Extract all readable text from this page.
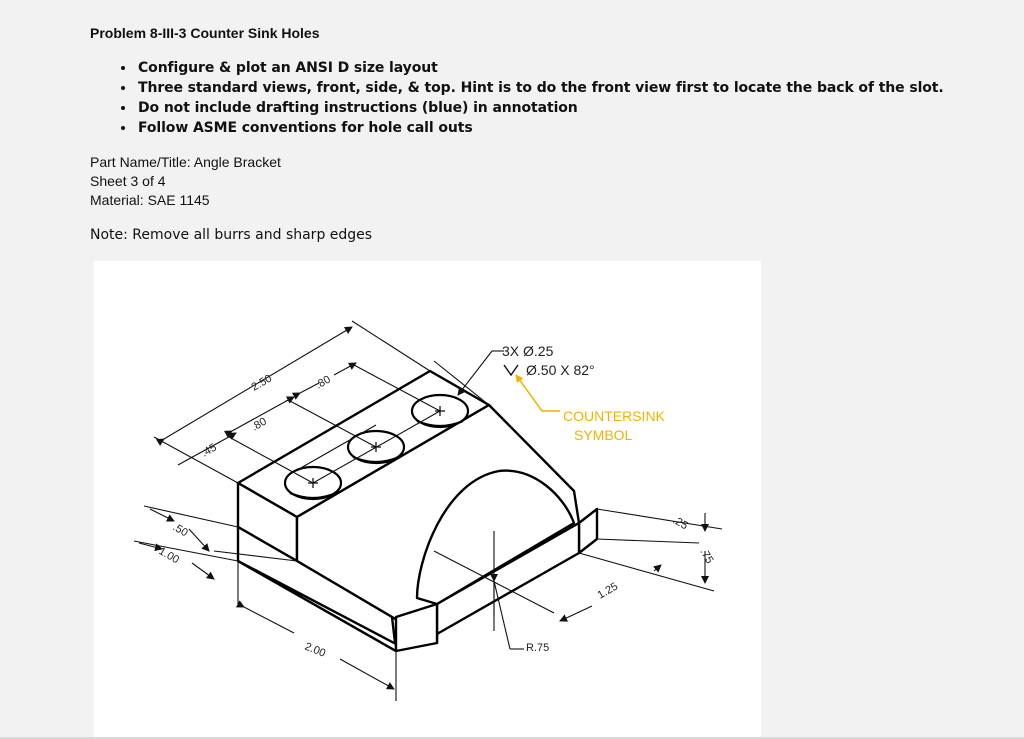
Problem 8-III-3 Counter Sink Holes
• Configure & plot an ANSI D size layout
• Three standard views, front, side, & top. Hint is to do the front view first to locate the back of the slot.
• Do not include drafting instructions (blue) in annotation
• Follow ASME conventions for hole call outs
Part Name/Title: Angle Bracket
Sheet 3 of 4
Material: SAE 1145
Note: Remove all burrs and sharp edges
3X Ø.25
Ø.50 X 82°
COUNTERSINK
SYMBOL
2.50	.80
.80
.45
.50
1.00
2.00
.25
.75
1.25
R.75
